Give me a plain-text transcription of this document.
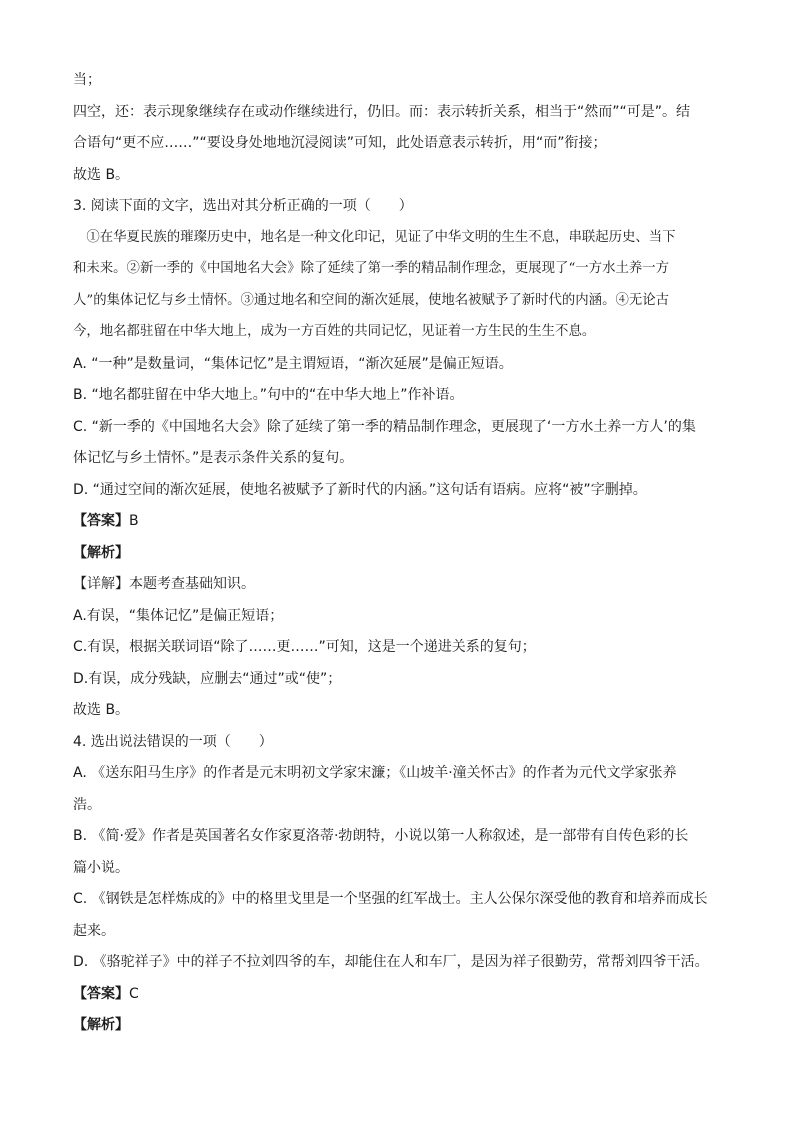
当；
四空，还：表示现象继续存在或动作继续进行，仍旧。而：表示转折关系，相当于“然而”“可是”。结
合语句“更不应……”“要设身处地地沉浸阅读”可知，此处语意表示转折，用“而”衔接；
故选 B。
3. 阅读下面的文字，选出对其分析正确的一项（　　）
　①在华夏民族的璀璨历史中，地名是一种文化印记，见证了中华文明的生生不息，串联起历史、当下
和未来。②新一季的《中国地名大会》除了延续了第一季的精品制作理念，更展现了“一方水土养一方
人”的集体记忆与乡土情怀。③通过地名和空间的渐次延展，使地名被赋予了新时代的内涵。④无论古
今，地名都驻留在中华大地上，成为一方百姓的共同记忆，见证着一方生民的生生不息。
A. “一种”是数量词，“集体记忆”是主谓短语，“渐次延展”是偏正短语。
B. “地名都驻留在中华大地上。”句中的“在中华大地上”作补语。
C. “新一季的《中国地名大会》除了延续了第一季的精品制作理念，更展现了‘一方水土养一方人’的集
体记忆与乡土情怀。”是表示条件关系的复句。
D. “通过空间的渐次延展，使地名被赋予了新时代的内涵。”这句话有语病。应将“被”字删掉。
【答案】B
【解析】
【详解】本题考查基础知识。
A.有误，“集体记忆”是偏正短语；
C.有误，根据关联词语“除了……更……”可知，这是一个递进关系的复句；
D.有误，成分残缺，应删去“通过”或“使”；
故选 B。
4. 选出说法错误的一项（　　）
A. 《送东阳马生序》的作者是元末明初文学家宋濂；《山坡羊·潼关怀古》的作者为元代文学家张养
浩。
B. 《简·爱》作者是英国著名女作家夏洛蒂·勃朗特，小说以第一人称叙述，是一部带有自传色彩的长
篇小说。
C. 《钢铁是怎样炼成的》中的格里戈里是一个坚强的红军战士。主人公保尔深受他的教育和培养而成长
起来。
D. 《骆驼祥子》中的祥子不拉刘四爷的车，却能住在人和车厂，是因为祥子很勤劳，常帮刘四爷干活。
【答案】C
【解析】
